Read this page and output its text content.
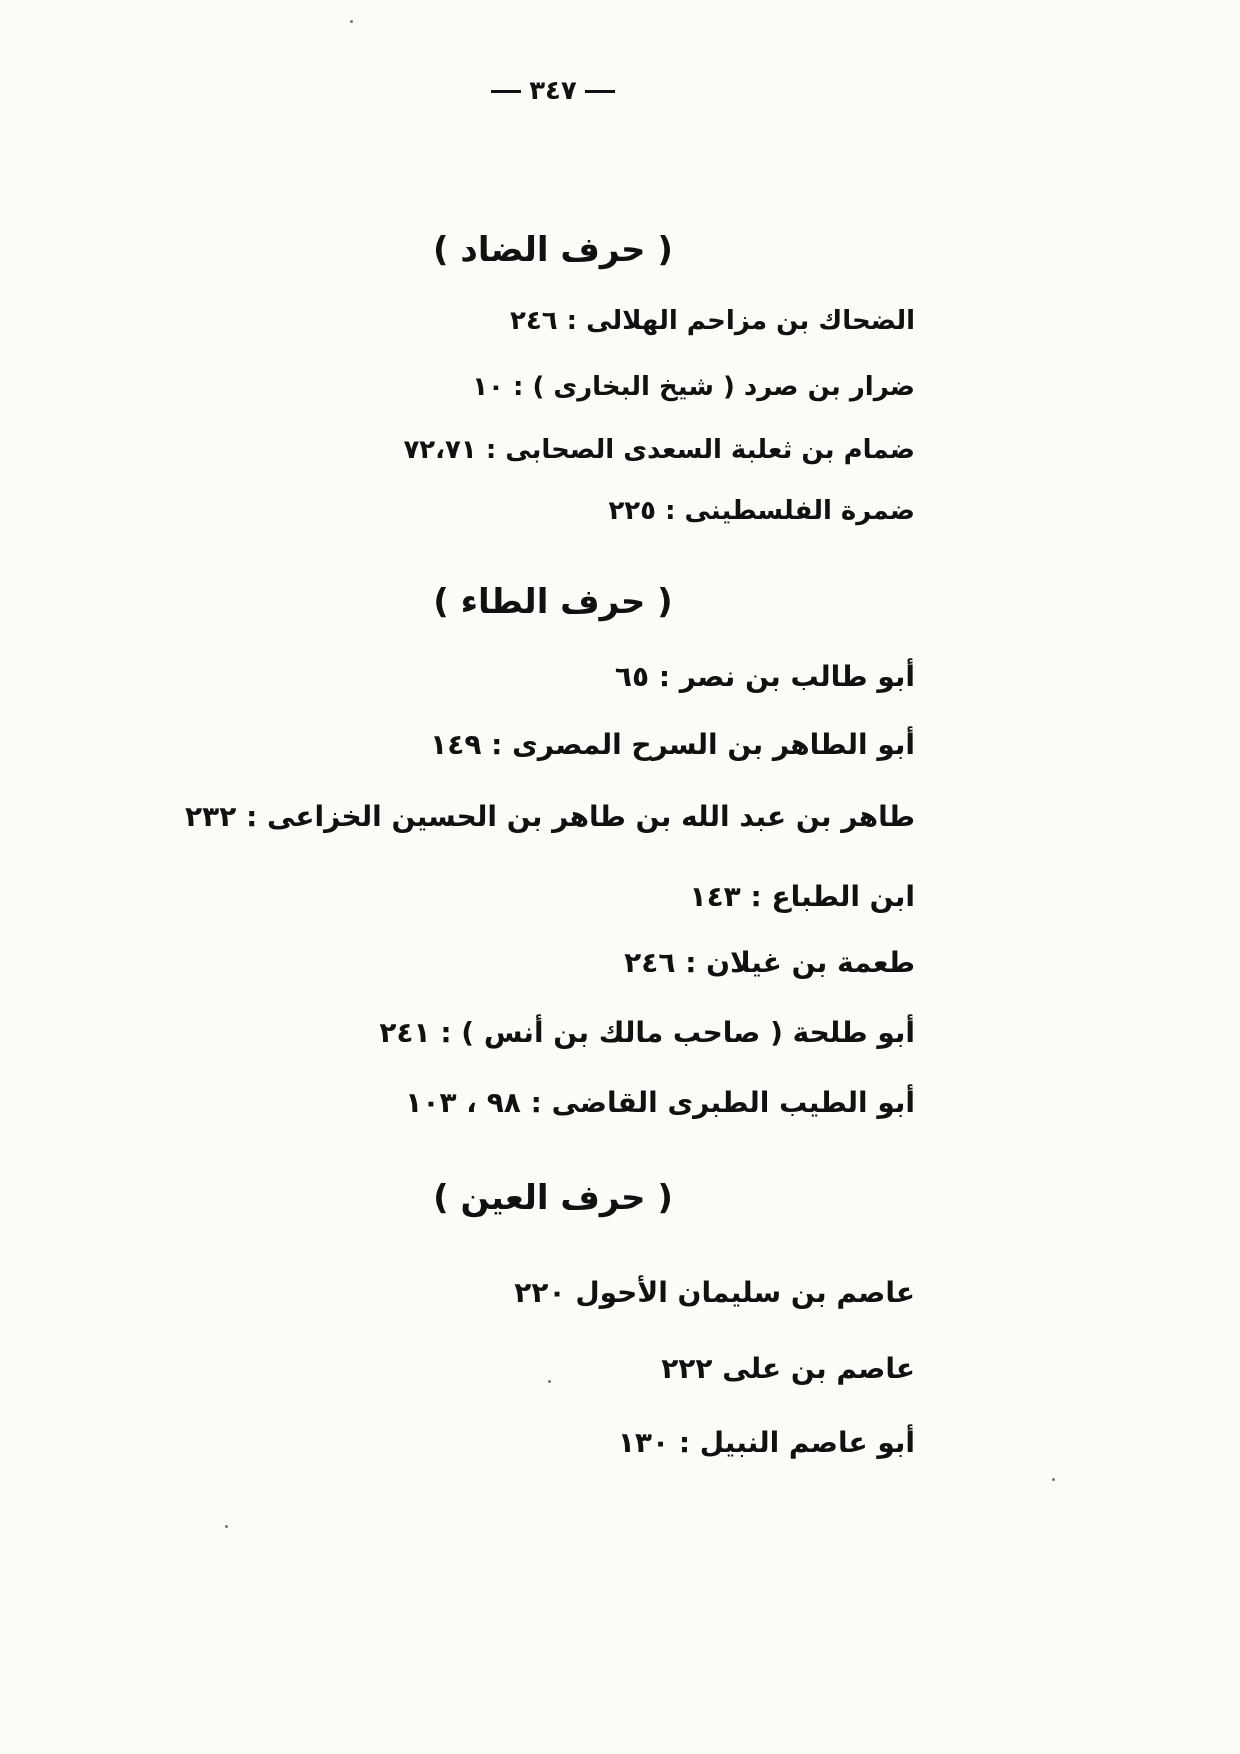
٣٤٧
( حرف الضاد )
الضحاك بن مزاحم الهلالى : ٢٤٦
ضرار بن صرد ( شيخ البخارى ) : ١٠
ضمام بن ثعلبة السعدى الصحابى : ٧٢،٧١
ضمرة الفلسطينى : ٢٢٥
( حرف الطاء )
أبو طالب بن نصر : ٦٥
أبو الطاهر بن السرح المصرى : ١٤٩
طاهر بن عبد الله بن طاهر بن الحسين الخزاعى : ٢٣٢
ابن الطباع : ١٤٣
طعمة بن غيلان : ٢٤٦
أبو طلحة ( صاحب مالك بن أنس ) : ٢٤١
أبو الطيب الطبرى القاضى : ٩٨ ، ١٠٣
( حرف العين )
عاصم بن سليمان الأحول ٢٢٠
عاصم بن على ٢٢٢
أبو عاصم النبيل : ١٣٠
